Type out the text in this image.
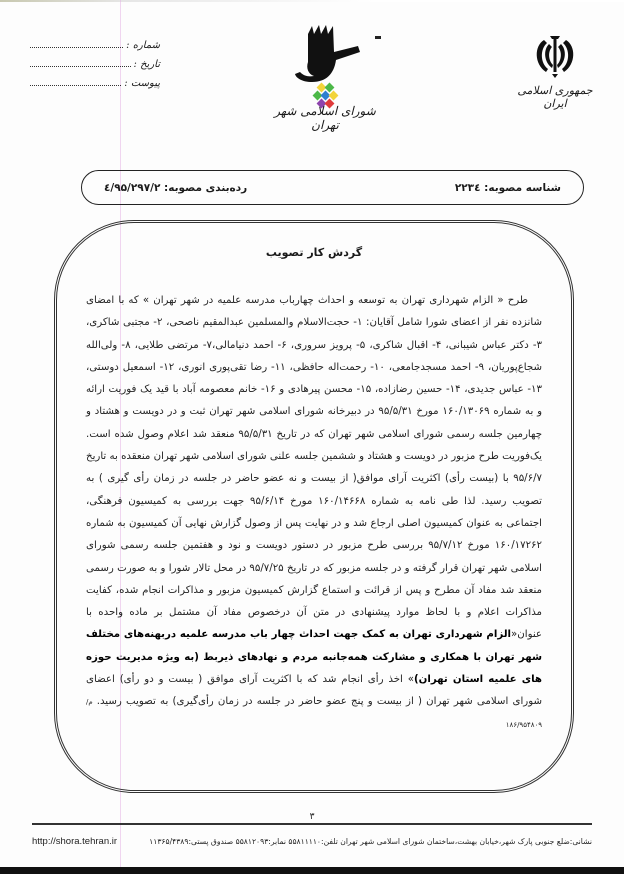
شماره :
تاریخ :
پیوست :
شورای اسلامی شهر تهران
جمهوری اسلامی ایران
شناسه مصوبه: ۲۲۳٤
رده‌بندی مصوبه: ٤/۹۵/۲۹۷/۲
گردش کار تصویب

طرح « الزام شهرداری تهران به توسعه و احداث چهارباب مدرسه علمیه در شهر تهران » که با امضای شانزده نفر از اعضای شورا شامل آقایان: ۱- حجت‌الاسلام والمسلمین عبدالمقیم ناصحی، ۲- مجتبی شاکری، ۳- دکتر عباس شیبانی، ۴- اقبال شاکری، ۵- پرویز سروری، ۶- احمد دنیامالی،۷- مرتضی طلایی، ۸- ولی‌الله شجاع‌پوریان، ۹- احمد مسجدجامعی، ۱۰- رحمت‌اله حافظی، ۱۱- رضا تقی‌پوری انوری، ۱۲- اسمعیل دوستی، ۱۳- عباس جدیدی، ۱۴- حسین رضازاده، ۱۵- محسن پیرهادی و ۱۶- خانم معصومه آباد با قید یک فوریت ارائه و به شماره ۱۶۰/۱۳۰۶۹ مورخ ۹۵/۵/۳۱ در دبیرخانه شورای اسلامی شهر تهران ثبت و در دویست و هشتاد و چهارمین جلسه رسمی شورای اسلامی شهر تهران که در تاریخ ۹۵/۵/۳۱ منعقد شد اعلام وصول شده است. یک‌فوریت طرح مزبور در دویست و هشتاد و ششمین جلسه علنی شورای اسلامی شهر تهران منعقده به تاریخ ۹۵/۶/۷ با (بیست رأی) اکثریت آرای موافق( از بیست و نه عضو حاضر در جلسه در زمان رأی گیری ) به تصویب رسید. لذا طی نامه به شماره ۱۶۰/۱۴۶۶۸ مورخ ۹۵/۶/۱۴ جهت بررسی به کمیسیون فرهنگی، اجتماعی به عنوان کمیسیون اصلی ارجاع شد و در نهایت پس از وصول گزارش نهایی آن کمیسیون به شماره ۱۶۰/۱۷۲۶۲ مورخ ۹۵/۷/۱۲ بررسی طرح مزبور در دستور دویست و نود و هفتمین جلسه رسمی شورای اسلامی شهر تهران قرار گرفته و در جلسه مزبور که در تاریخ ۹۵/۷/۲۵ در محل تالار شورا و به صورت رسمی منعقد شد مفاد آن مطرح و پس از قرائت و استماع گزارش کمیسیون مزبور و مذاکرات انجام شده، کفایت مذاکرات اعلام و با لحاظ موارد پیشنهادی در متن آن درخصوص مفاد آن مشتمل بر ماده واحده با عنوان«الزام شهرداری تهران به کمک جهت احداث چهار باب مدرسه علمیه دربهنه‌های مختلف شهر تهران با همکاری و مشارکت همه‌جانبه مردم و نهادهای ذیربط (به ویژه مدیریت حوزه های علمیه استان تهران)» اخذ رأی انجام شد که با اکثریت آرای موافق ( بیست و دو رأی) اعضای شورای اسلامی شهر تهران ( از بیست و پنج عضو حاضر در جلسه در زمان رأی‌گیری) به تصویب رسید.م/ ۱۸۶/۹۵۴۸۰۹

۳
http://shora.tehran.ir	نشانی:ضلع جنوبی پارک شهر،خیابان بهشت،ساختمان شورای اسلامی شهر تهران تلفن:۵۵۸۱۱۱۱۰ نمابر:۵۵۸۱۲۰۹۳ صندوق پستی:۱۱۳۶۵/۴۳۸۹
